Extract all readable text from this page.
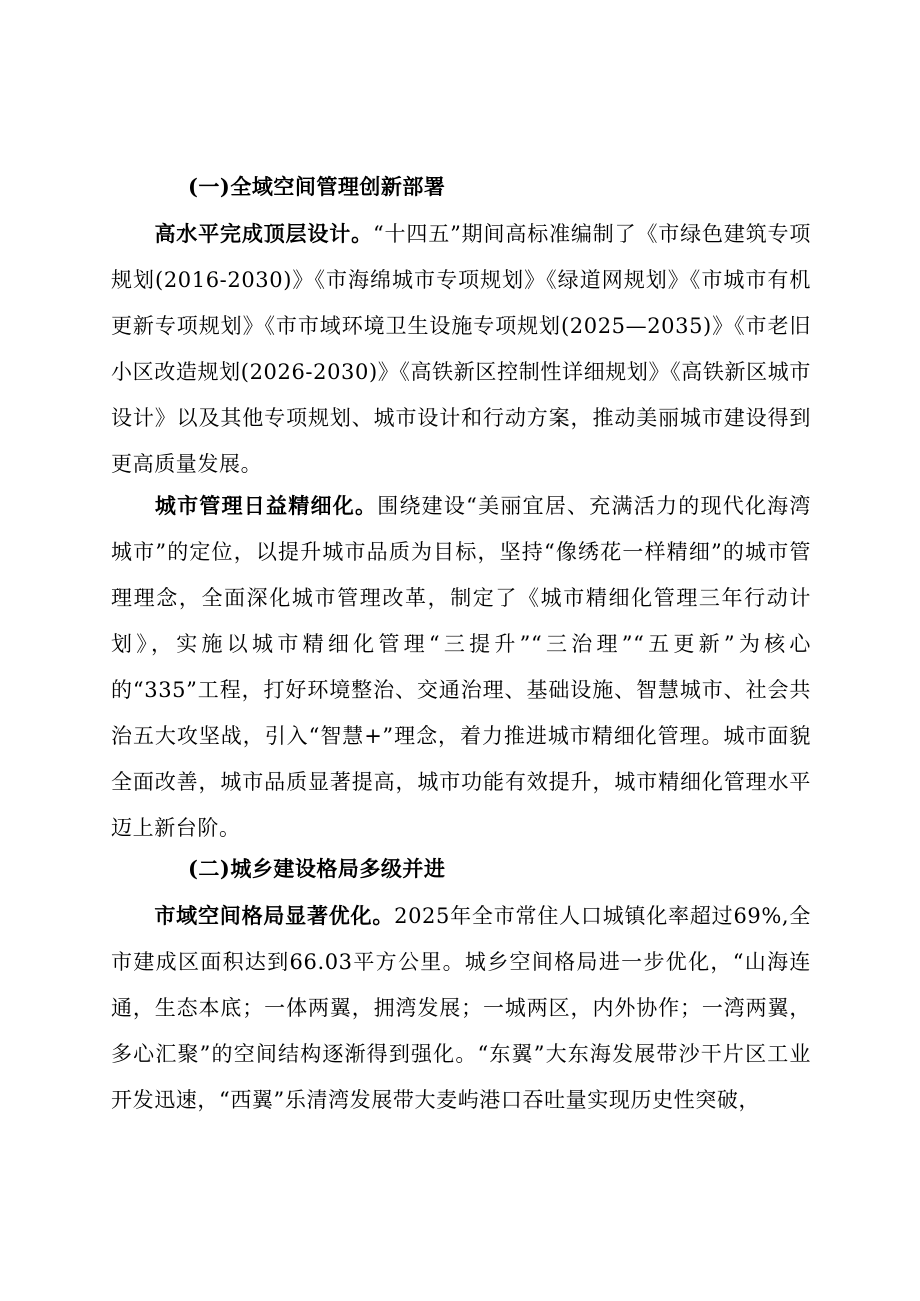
(一)全域空间管理创新部署
  高水平完成顶层设计。“十四五”期间高标准编制了《市绿色建筑专项规划(2016-2030)》《市海绵城市专项规划》《绿道网规划》《市城市有机更新专项规划》《市市域环境卫生设施专项规划(2025—2035)》《市老旧小区改造规划(2026-2030)》《高铁新区控制性详细规划》《高铁新区城市设计》以及其他专项规划、城市设计和行动方案，推动美丽城市建设得到更高质量发展。
  城市管理日益精细化。围绕建设“美丽宜居、充满活力的现代化海湾城市”的定位，以提升城市品质为目标，坚持“像绣花一样精细”的城市管理理念，全面深化城市管理改革，制定了《城市精细化管理三年行动计划》，实施以城市精细化管理“三提升”“三治理”“五更新”为核心的“335”工程，打好环境整治、交通治理、基础设施、智慧城市、社会共治五大攻坚战，引入“智慧+”理念，着力推进城市精细化管理。城市面貌全面改善，城市品质显著提高，城市功能有效提升，城市精细化管理水平迈上新台阶。
(二)城乡建设格局多级并进
  市域空间格局显著优化。2025年全市常住人口城镇化率超过69%,全市建成区面积达到66.03平方公里。城乡空间格局进一步优化，“山海连通，生态本底；一体两翼，拥湾发展；一城两区，内外协作；一湾两翼，多心汇聚”的空间结构逐渐得到强化。“东翼”大东海发展带沙干片区工业开发迅速，“西翼”乐清湾发展带大麦屿港口吞吐量实现历史性突破，
